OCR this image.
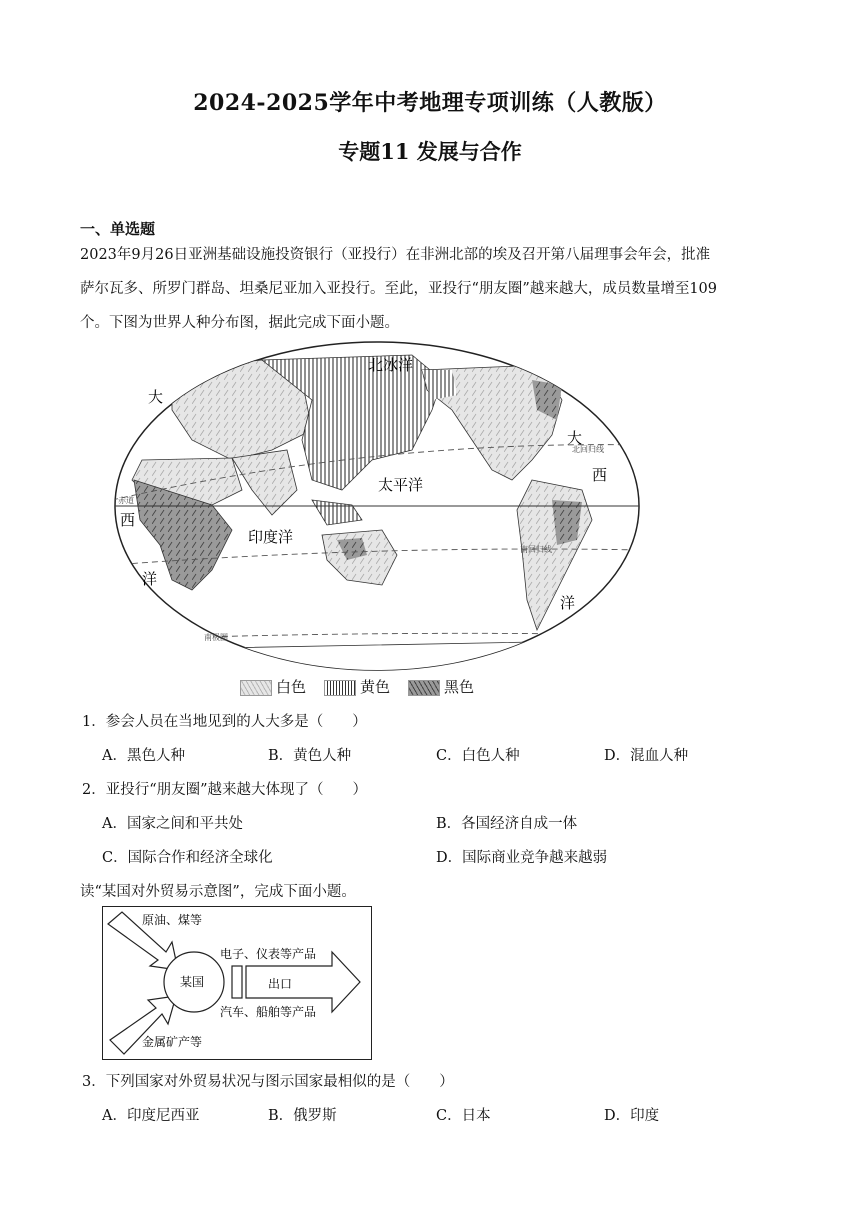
2024-2025学年中考地理专项训练（人教版）
专题11 发展与合作
一、单选题
2023年9月26日亚洲基础设施投资银行（亚投行）在非洲北部的埃及召开第八届理事会年会，批准
萨尔瓦多、所罗门群岛、坦桑尼亚加入亚投行。至此，亚投行“朋友圈”越来越大，成员数量增至109
个。下图为世界人种分布图，据此完成下面小题。
北冰洋
太平洋
印度洋
大
西
洋
大
西
洋
赤道
北回归线
南回归线
南极圈
白色	黄色	黑色
1．参会人员在当地见到的人大多是（　　）
A．黑色人种	B．黄色人种	C．白色人种	D．混血人种
2．亚投行“朋友圈”越来越大体现了（　　）
A．国家之间和平共处	B．各国经济自成一体
C．国际合作和经济全球化	D．国际商业竞争越来越弱
读“某国对外贸易示意图”，完成下面小题。
原油、煤等
金属矿产等
某国
电子、仪表等产品
出口
汽车、船舶等产品
3．下列国家对外贸易状况与图示国家最相似的是（　　）
A．印度尼西亚	B．俄罗斯	C．日本	D．印度
